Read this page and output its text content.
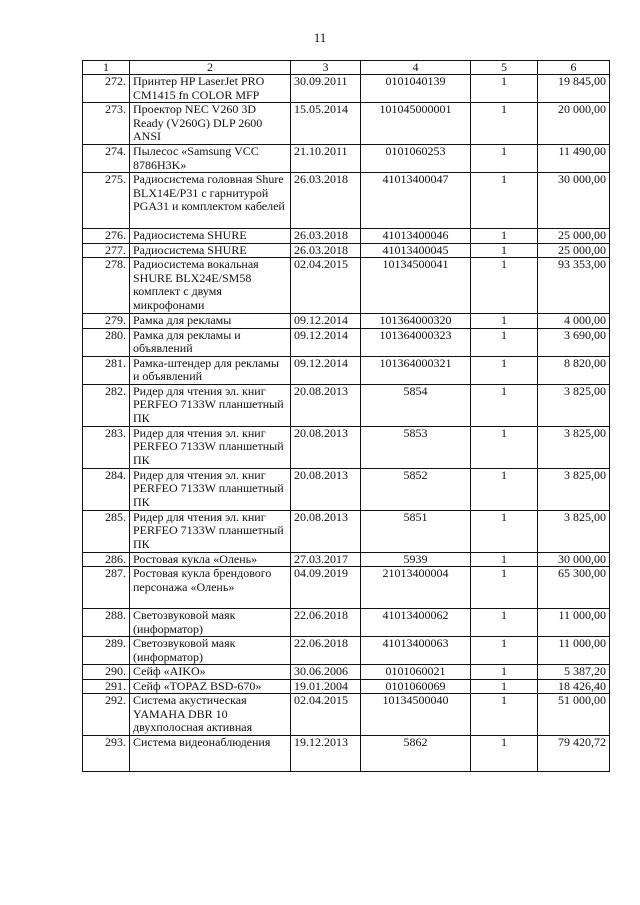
11
1	2	3	4	5	6
272.	Принтер HP LaserJet PRO CM1415 fn COLOR MFP	30.09.2011	0101040139	1	19 845,00
273.	Проектор NEC V260 3D Ready (V260G) DLP 2600 ANSI	15.05.2014	101045000001	1	20 000,00
274.	Пылесос «Samsung VCC 8786H3K»	21.10.2011	0101060253	1	11 490,00
275.	Радиосистема головная Shure BLX14E/P31 с гарнитурой PGA31 и комплектом кабелей	26.03.2018	41013400047	1	30 000,00
276.	Радиосистема SHURE	26.03.2018	41013400046	1	25 000,00
277.	Радиосистема SHURE	26.03.2018	41013400045	1	25 000,00
278.	Радиосистема вокальная SHURE BLX24E/SM58 комплект с двумя микрофонами	02.04.2015	10134500041	1	93 353,00
279.	Рамка для рекламы	09.12.2014	101364000320	1	4 000,00
280.	Рамка для рекламы и объявлений	09.12.2014	101364000323	1	3 690,00
281.	Рамка-штендер для рекламы и объявлений	09.12.2014	101364000321	1	8 820,00
282.	Ридер для чтения эл. книг PERFEO 7133W планшетный ПК	20.08.2013	5854	1	3 825,00
283.	Ридер для чтения эл. книг PERFEO 7133W планшетный ПК	20.08.2013	5853	1	3 825,00
284.	Ридер для чтения эл. книг PERFEO 7133W планшетный ПК	20.08.2013	5852	1	3 825,00
285.	Ридер для чтения эл. книг PERFEO 7133W планшетный ПК	20.08.2013	5851	1	3 825,00
286.	Ростовая кукла «Олень»	27.03.2017	5939	1	30 000,00
287.	Ростовая кукла брендового персонажа «Олень»	04.09.2019	21013400004	1	65 300,00
288.	Светозвуковой маяк (информатор)	22.06.2018	41013400062	1	11 000,00
289.	Светозвуковой маяк (информатор)	22.06.2018	41013400063	1	11 000,00
290.	Сейф «AIKO»	30.06.2006	0101060021	1	5 387,20
291.	Сейф «TOPAZ BSD-670»	19.01.2004	0101060069	1	18 426,40
292.	Система акустическая YAMAHA DBR 10 двухполосная активная	02.04.2015	10134500040	1	51 000,00
293.	Система видеонаблюдения	19.12.2013	5862	1	79 420,72
